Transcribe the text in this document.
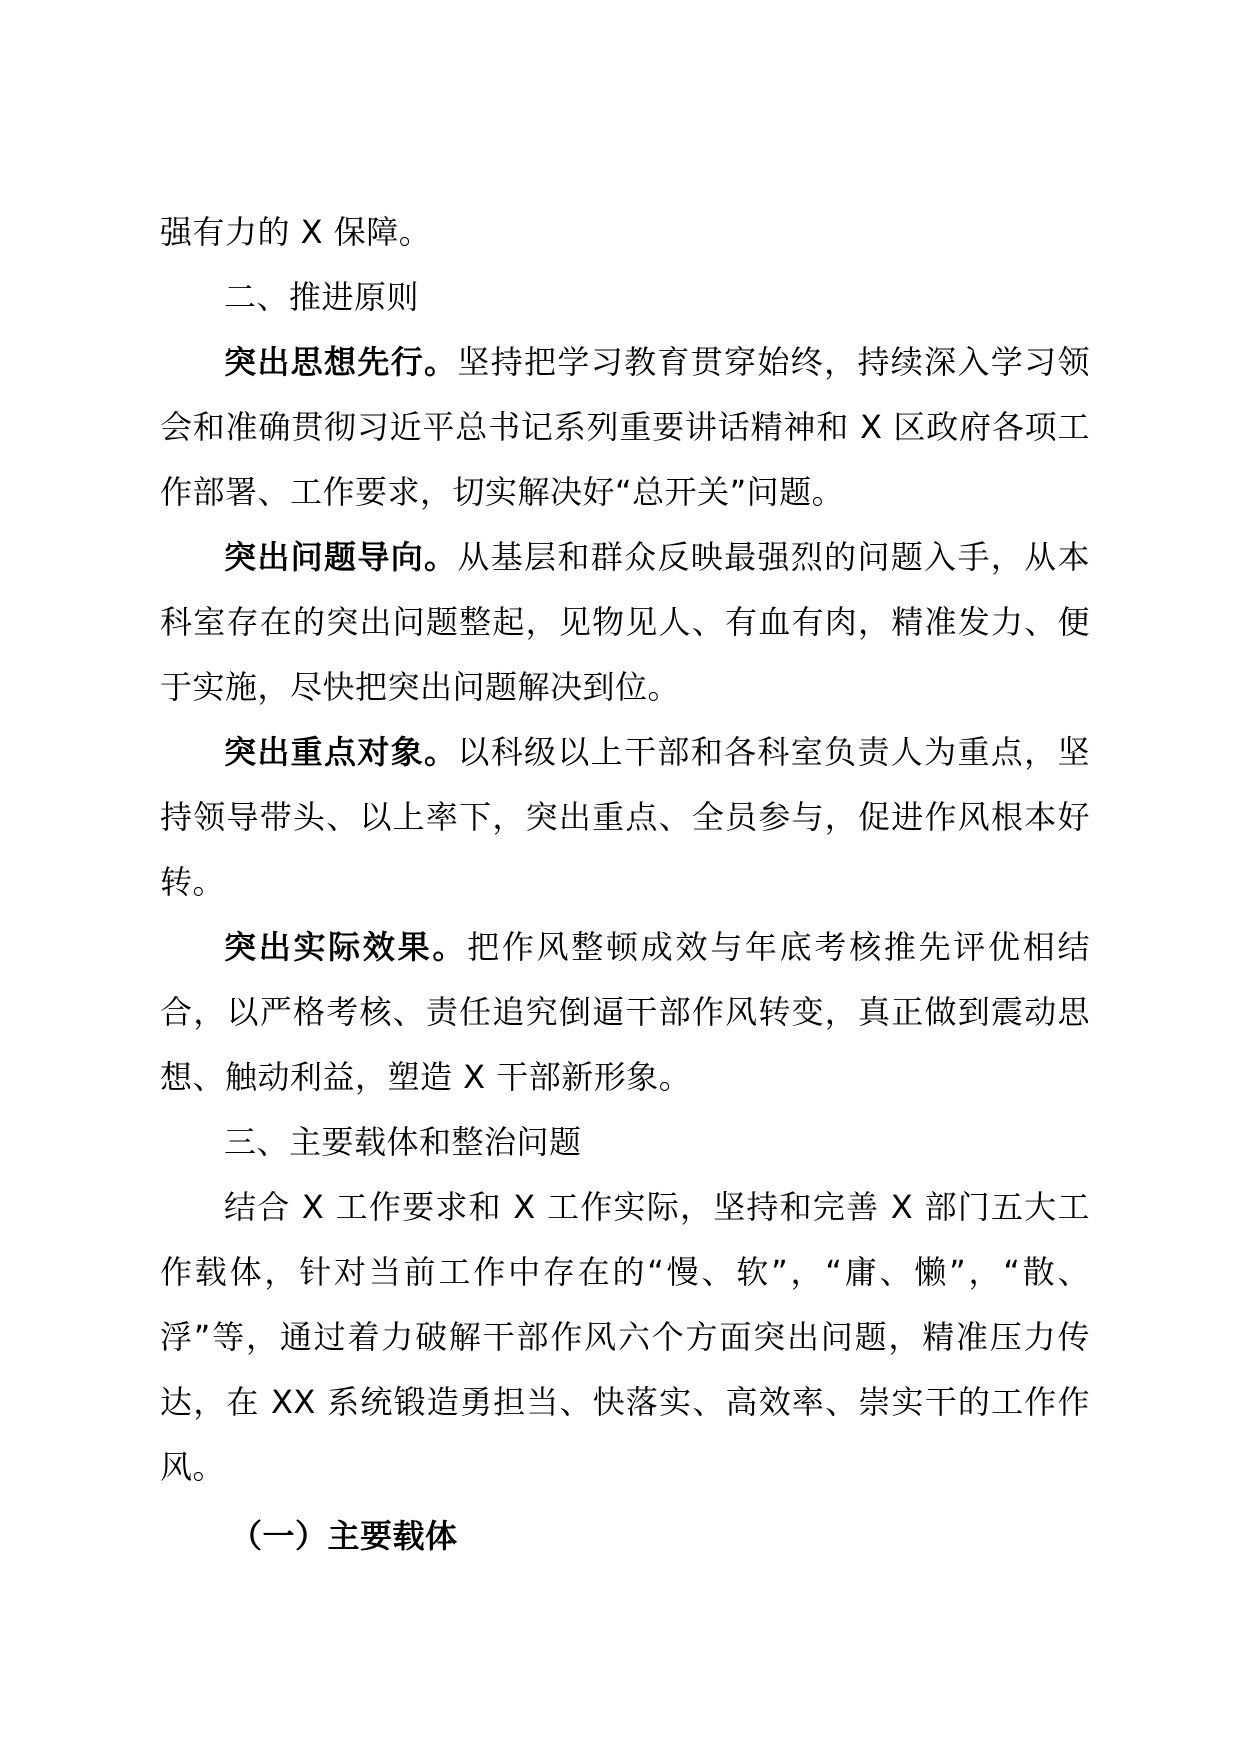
强有力的 X 保障。

二、推进原则

突出思想先行。坚持把学习教育贯穿始终，持续深入学习领会和准确贯彻习近平总书记系列重要讲话精神和 X 区政府各项工作部署、工作要求，切实解决好“总开关”问题。

突出问题导向。从基层和群众反映最强烈的问题入手，从本科室存在的突出问题整起，见物见人、有血有肉，精准发力、便于实施，尽快把突出问题解决到位。

突出重点对象。以科级以上干部和各科室负责人为重点，坚持领导带头、以上率下，突出重点、全员参与，促进作风根本好转。

突出实际效果。把作风整顿成效与年底考核推先评优相结合，以严格考核、责任追究倒逼干部作风转变，真正做到震动思想、触动利益，塑造 X 干部新形象。

三、主要载体和整治问题

结合 X 工作要求和 X 工作实际，坚持和完善 X 部门五大工作载体，针对当前工作中存在的“慢、软”，“庸、懒”，“散、浮”等，通过着力破解干部作风六个方面突出问题，精准压力传达，在 XX 系统锻造勇担当、快落实、高效率、崇实干的工作作风。

（一）主要载体
